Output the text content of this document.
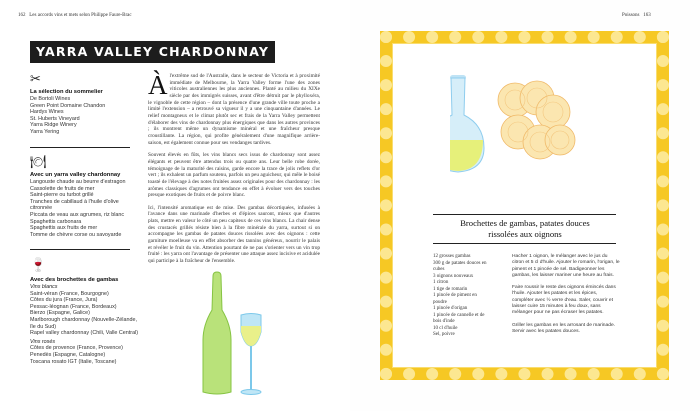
162 Les accords vins et mets selon Philippe Faure-Brac
YARRA VALLEY CHARDONNAY
✂
La sélection du sommelier
De Bortoli Wines
Green Point Domaine Chandon
Hardys Wines
St. Huberts Vineyard
Yarra Ridge Winery
Yarra Yering
🍽
Avec un yarra valley chardonnay
Langouste chaude au beurre d'estragon
Cassolette de fruits de mer
Saint-pierre ou turbot grillé
Tranches de cabillaud à l'huile d'olive citronnée
Piccata de veau aux agrumes, riz blanc
Spaghettis carbonara
Spaghettis aux fruits de mer
Tomme de chèvre corse ou savoyarde
🍷
Avec des brochettes de gambas
Vins blancs
Saint-véran (France, Bourgogne)
Côtes du jura (France, Jura)
Pessac-léognan (France, Bordeaux)
Bierzo (Espagne, Galice)
Marlborough chardonnay (Nouvelle-Zélande, île du Sud)
Rapel valley chardonnay (Chili, Valle Central)
Vins rosés
Côtes de provence (France, Provence)
Penedès (Espagne, Catalogne)
Toscana rosato IGT (Italie, Toscane)

Àl'extrême sud de l'Australie, dans le secteur de Victoria et à proximité immédiate de Melbourne, la Yarra Valley forme l'une des zones viticoles australiennes les plus anciennes. Planté au milieu du XIXe siècle par des immigrés suisses, avant d'être détruit par le phylloxéra, le vignoble de cette région – dont la présence d'une grande ville toute proche a limité l'extension – a retrouvé sa vigueur il y a une cinquantaine d'années. Le relief montagneux et le climat plutôt sec et frais de la Yarra Valley permettent d'élaborer des vins de chardonnay plus énergiques que dans les autres provinces ; ils montrent même un dynamisme minéral et une fraîcheur presque croustillante. La région, qui profite généralement d'une magnifique arrière-saison, est également connue pour ses vendanges tardives.

Souvent élevés en fûts, les vins blancs secs issus de chardonnay sont assez élégants et peuvent être attendus trois ou quatre ans. Leur belle robe dorée, témoignage de la maturité des raisins, garde encore la trace de jolis reflets d'or vert ; ils exhalent un parfum soutenu, parfois un peu aguicheur, qui mêle le boisé toasté de l'élevage à des notes fruitées assez originales pour des chardonnay : les arômes classiques d'agrumes ont tendance en effet à évoluer vers des touches presque exotiques de fruits et de poivre blanc.

Ici, l'intensité aromatique est de mise. Des gambas décortiquées, infusées à l'avance dans une marinade d'herbes et d'épices sauront, mieux que d'autres plats, mettre en valeur le côté un peu capiteux de ces vins blancs. La chair dense des crustacés grillés résiste bien à la fibre minérale du yarra, surtout si on accompagne les gambas de patates douces rissolées avec des oignons : cette garniture moelleuse va en effet absorber des tannins généreux, nourrir le palais et révéler le fruit du vin. Attention pourtant de ne pas s'orienter vers un vin trop fruité : les yarra ont l'avantage de présenter une attaque assez incisive et acidulée qui participe à la fraîcheur de l'ensemble.

Poissons 163
Brochettes de gambas, patates douces
rissolées aux oignons
12 grosses gambas
300 g de patates douces en cubes
3 oignons nouveaux
1 citron
1 tige de romarin
1 pincée de piment en poudre
1 pincée d'origan
1 pincée de cannelle et de bois d'inde
10 cl d'huile
Sel, poivre

Hacher 1 oignon, le mélanger avec le jus du citron et 5 cl d'huile. Ajouter le romarin, l'origan, le piment et 1 pincée de sel. Badigeonner les gambas, les laisser mariner une heure au frais.

Faire roussir le reste des oignons émincés dans l'huile. Ajouter les patates et les épices, compléter avec ½ verre d'eau. Saler, couvrir et laisser cuire 15 minutes à feu doux, sans mélanger pour ne pas écraser les patates.

Griller les gambas en les arrosant de marinade. Servir avec les patates douces.
